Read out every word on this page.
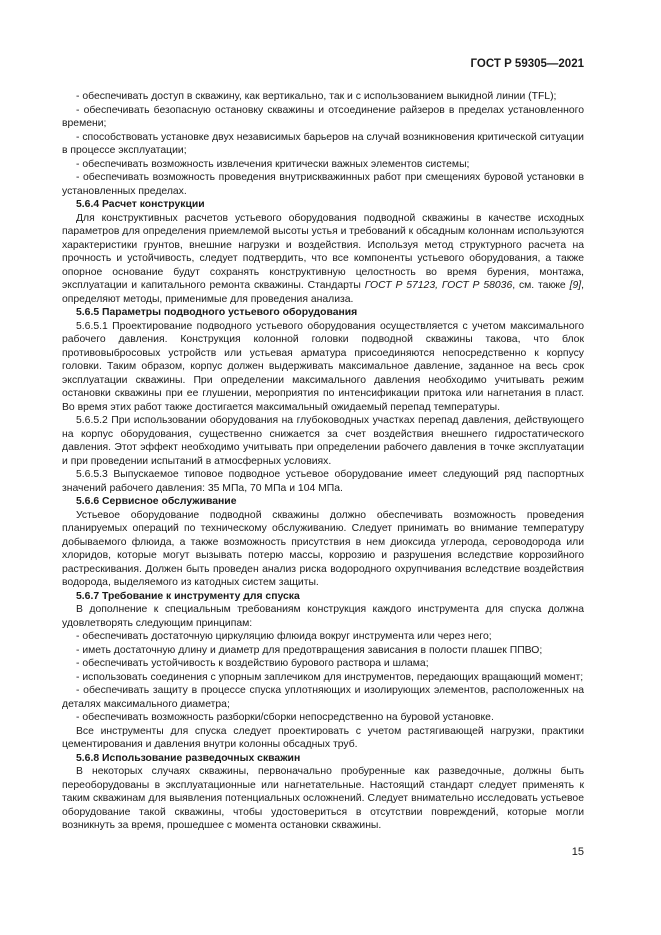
ГОСТ Р 59305—2021

- обеспечивать доступ в скважину, как вертикально, так и с использованием выкидной линии (TFL);

- обеспечивать безопасную остановку скважины и отсоединение райзеров в пределах установленного времени;

- способствовать установке двух независимых барьеров на случай возникновения критической ситуации в процессе эксплуатации;

- обеспечивать возможность извлечения критически важных элементов системы;

- обеспечивать возможность проведения внутрискважинных работ при смещениях буровой установки в установленных пределах.

5.6.4 Расчет конструкции

Для конструктивных расчетов устьевого оборудования подводной скважины в качестве исходных параметров для определения приемлемой высоты устья и требований к обсадным колоннам используются характеристики грунтов, внешние нагрузки и воздействия. Используя метод структурного расчета на прочность и устойчивость, следует подтвердить, что все компоненты устьевого оборудования, а также опорное основание будут сохранять конструктивную целостность во время бурения, монтажа, эксплуатации и капитального ремонта скважины. Стандарты ГОСТ Р 57123, ГОСТ Р 58036, см. также [9], определяют методы, применимые для проведения анализа.

5.6.5 Параметры подводного устьевого оборудования

5.6.5.1 Проектирование подводного устьевого оборудования осуществляется с учетом максимального рабочего давления. Конструкция колонной головки подводной скважины такова, что блок противовыбросовых устройств или устьевая арматура присоединяются непосредственно к корпусу головки. Таким образом, корпус должен выдерживать максимальное давление, заданное на весь срок эксплуатации скважины. При определении максимального давления необходимо учитывать режим остановки скважины при ее глушении, мероприятия по интенсификации притока или нагнетания в пласт. Во время этих работ также достигается максимальный ожидаемый перепад температуры.

5.6.5.2 При использовании оборудования на глубоководных участках перепад давления, действующего на корпус оборудования, существенно снижается за счет воздействия внешнего гидростатического давления. Этот эффект необходимо учитывать при определении рабочего давления в точке эксплуатации и при проведении испытаний в атмосферных условиях.

5.6.5.3 Выпускаемое типовое подводное устьевое оборудование имеет следующий ряд паспортных значений рабочего давления: 35 МПа, 70 МПа и 104 МПа.

5.6.6 Сервисное обслуживание

Устьевое оборудование подводной скважины должно обеспечивать возможность проведения планируемых операций по техническому обслуживанию. Следует принимать во внимание температуру добываемого флюида, а также возможность присутствия в нем диоксида углерода, сероводорода или хлоридов, которые могут вызывать потерю массы, коррозию и разрушения вследствие коррозийного растрескивания. Должен быть проведен анализ риска водородного охрупчивания вследствие воздействия водорода, выделяемого из катодных систем защиты.

5.6.7 Требование к инструменту для спуска

В дополнение к специальным требованиям конструкция каждого инструмента для спуска должна удовлетворять следующим принципам:

- обеспечивать достаточную циркуляцию флюида вокруг инструмента или через него;

- иметь достаточную длину и диаметр для предотвращения зависания в полости плашек ППВО;

- обеспечивать устойчивость к воздействию бурового раствора и шлама;

- использовать соединения с упорным заплечиком для инструментов, передающих вращающий момент;

- обеспечивать защиту в процессе спуска уплотняющих и изолирующих элементов, расположенных на деталях максимального диаметра;

- обеспечивать возможность разборки/сборки непосредственно на буровой установке.

Все инструменты для спуска следует проектировать с учетом растягивающей нагрузки, практики цементирования и давления внутри колонны обсадных труб.

5.6.8 Использование разведочных скважин

В некоторых случаях скважины, первоначально пробуренные как разведочные, должны быть переоборудованы в эксплуатационные или нагнетательные. Настоящий стандарт следует применять к таким скважинам для выявления потенциальных осложнений. Следует внимательно исследовать устьевое оборудование такой скважины, чтобы удостовериться в отсутствии повреждений, которые могли возникнуть за время, прошедшее с момента остановки скважины.

15
